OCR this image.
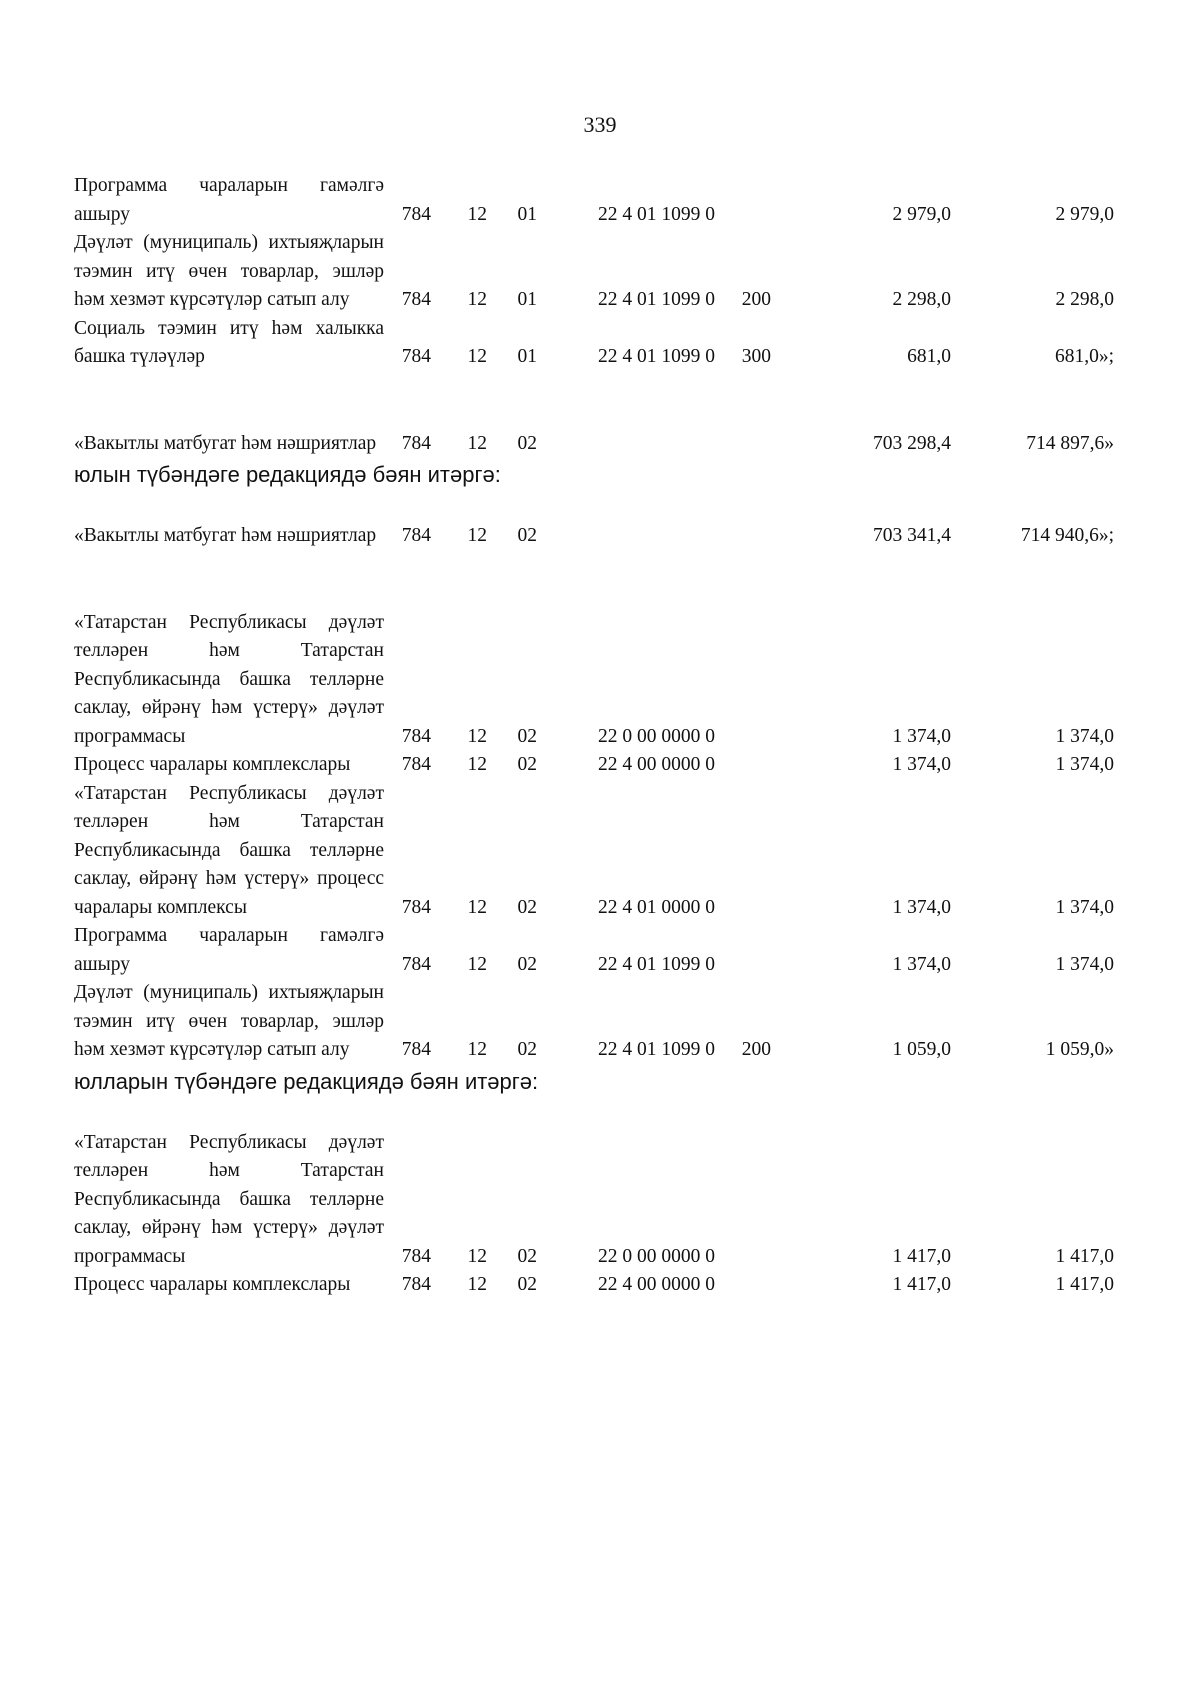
339
Программа чараларын гамәлгә ашыру	784	12	01	22 4 01 1099 0	2 979,0	2 979,0
Дәүләт (муниципаль) ихтыяҗларын тәэмин итү өчен товарлар, эшләр һәм хезмәт күрсәтүләр сатып алу	784	12	01	22 4 01 1099 0	200	2 298,0	2 298,0
Социаль тәэмин итү һәм халыкка башка түләүләр	784	12	01	22 4 01 1099 0	300	681,0	681,0»;
«Вакытлы матбугат һәм нәшриятлар	784	12	02	703 298,4	714 897,6»
юлын түбәндәге редакциядә бәян итәргә:
«Вакытлы матбугат һәм нәшриятлар	784	12	02	703 341,4	714 940,6»;
«Татарстан Республикасы дәүләт телләрен һәм Татарстан Республикасында башка телләрне саклау, өйрәнү һәм үстерү» дәүләт программасы	784	12	02	22 0 00 0000 0	1 374,0	1 374,0
Процесс чаралары комплекслары	784	12	02	22 4 00 0000 0	1 374,0	1 374,0
«Татарстан Республикасы дәүләт телләрен һәм Татарстан Республикасында башка телләрне саклау, өйрәнү һәм үстерү» процесс чаралары комплексы	784	12	02	22 4 01 0000 0	1 374,0	1 374,0
Программа чараларын гамәлгә ашыру	784	12	02	22 4 01 1099 0	1 374,0	1 374,0
Дәүләт (муниципаль) ихтыяҗларын тәэмин итү өчен товарлар, эшләр һәм хезмәт күрсәтүләр сатып алу	784	12	02	22 4 01 1099 0	200	1 059,0	1 059,0»
юлларын түбәндәге редакциядә бәян итәргә:
«Татарстан Республикасы дәүләт телләрен һәм Татарстан Республикасында башка телләрне саклау, өйрәнү һәм үстерү» дәүләт программасы	784	12	02	22 0 00 0000 0	1 417,0	1 417,0
Процесс чаралары комплекслары	784	12	02	22 4 00 0000 0	1 417,0	1 417,0
